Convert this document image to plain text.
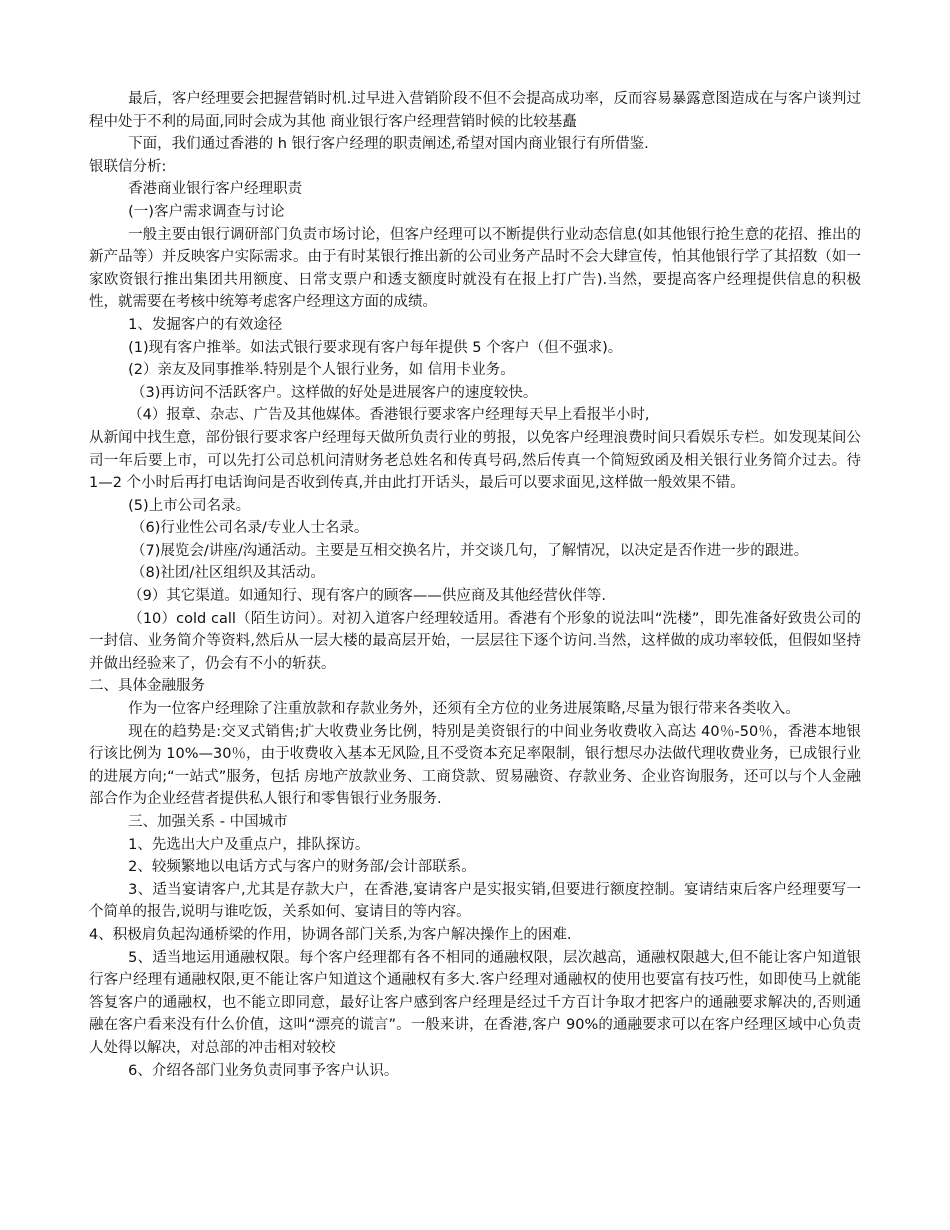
最后，客户经理要会把握营销时机.过早进入营销阶段不但不会提高成功率，反而容易暴露意图造成在与客户谈判过程中处于不利的局面,同时会成为其他 商业银行客户经理营销时候的比较基矗

下面，我们通过香港的 h 银行客户经理的职责阐述,希望对国内商业银行有所借鉴.

银联信分析:

香港商业银行客户经理职责

(一)客户需求调查与讨论

一般主要由银行调研部门负责市场讨论，但客户经理可以不断提供行业动态信息(如其他银行抢生意的花招、推出的新产品等）并反映客户实际需求。由于有时某银行推出新的公司业务产品时不会大肆宣传，怕其他银行学了其招数（如一家欧资银行推出集团共用额度、日常支票户和透支额度时就没有在报上打广告).当然，要提高客户经理提供信息的积极性，就需要在考核中统筹考虑客户经理这方面的成绩。

1、发掘客户的有效途径

(1)现有客户推举。如法式银行要求现有客户每年提供 5 个客户（但不强求)。

(2）亲友及同事推举.特别是个人银行业务，如 信用卡业务。

（3)再访问不活跃客户。这样做的好处是进展客户的速度较快。

（4）报章、杂志、广告及其他媒体。香港银行要求客户经理每天早上看报半小时,

从新闻中找生意，部份银行要求客户经理每天做所负责行业的剪报，以免客户经理浪费时间只看娱乐专栏。如发现某间公司一年后要上市，可以先打公司总机问清财务老总姓名和传真号码,然后传真一个简短致函及相关银行业务简介过去。待 1—2 个小时后再打电话询问是否收到传真,并由此打开话头，最后可以要求面见,这样做一般效果不错。

(5)上市公司名录。

（6)行业性公司名录/专业人士名录。

（7)展览会/讲座/沟通活动。主要是互相交换名片，并交谈几句，了解情况，以决定是否作进一步的跟进。

（8)社团/社区组织及其活动。

（9）其它渠道。如通知行、现有客户的顾客——供应商及其他经营伙伴等.

（10）cold call（陌生访问）。对初入道客户经理较适用。香港有个形象的说法叫“洗楼”，即先准备好致贵公司的一封信、业务简介等资料,然后从一层大楼的最高层开始，一层层往下逐个访问.当然，这样做的成功率较低，但假如坚持并做出经验来了，仍会有不小的斩获。

二、具体金融服务

作为一位客户经理除了注重放款和存款业务外，还须有全方位的业务进展策略,尽量为银行带来各类收入。

现在的趋势是:交叉式销售;扩大收费业务比例，特别是美资银行的中间业务收费收入高达 40％-50％，香港本地银行该比例为 10%—30％，由于收费收入基本无风险,且不受资本充足率限制，银行想尽办法做代理收费业务，已成银行业的进展方向;“一站式”服务，包括 房地产放款业务、工商贷款、贸易融资、存款业务、企业咨询服务，还可以与个人金融部合作为企业经营者提供私人银行和零售银行业务服务.

三、加强关系 - 中国城市

1、先选出大户及重点户，排队探访。

2、较频繁地以电话方式与客户的财务部/会计部联系。

3、适当宴请客户,尤其是存款大户，在香港,宴请客户是实报实销,但要进行额度控制。宴请结束后客户经理要写一个简单的报告,说明与谁吃饭，关系如何、宴请目的等内容。

4、积极肩负起沟通桥梁的作用，协调各部门关系,为客户解决操作上的困难.

5、适当地运用通融权限。每个客户经理都有各不相同的通融权限，层次越高，通融权限越大,但不能让客户知道银行客户经理有通融权限,更不能让客户知道这个通融权有多大.客户经理对通融权的使用也要富有技巧性，如即使马上就能答复客户的通融权，也不能立即同意，最好让客户感到客户经理是经过千方百计争取才把客户的通融要求解决的,否则通融在客户看来没有什么价值，这叫“漂亮的谎言”。一般来讲，在香港,客户 90%的通融要求可以在客户经理区域中心负责人处得以解决，对总部的冲击相对较校

6、介绍各部门业务负责同事予客户认识。
